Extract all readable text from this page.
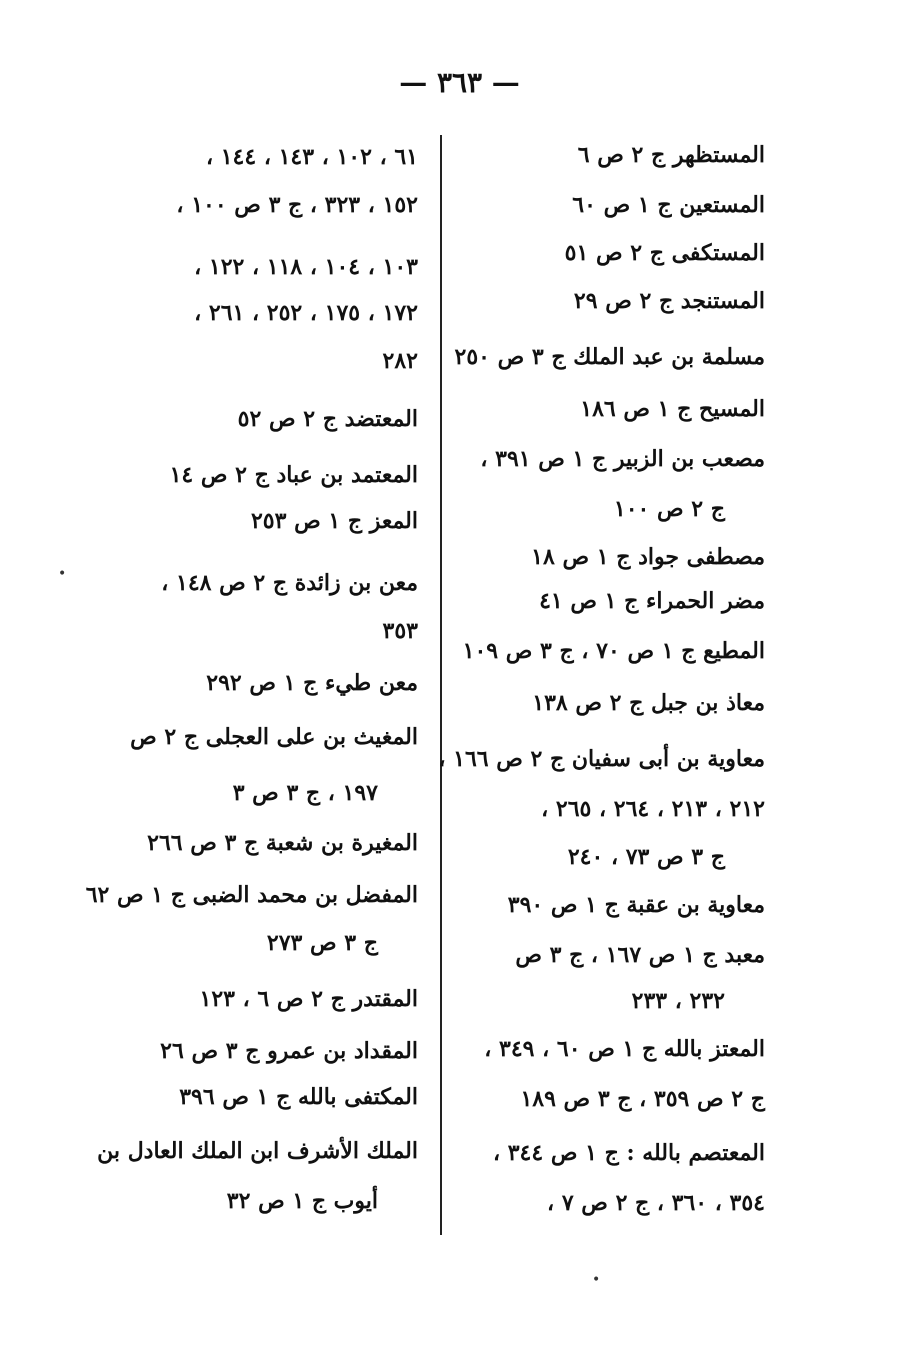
— ٣٦٣ —
المستظهر ج ٢ ص ٦
المستعين ج ١ ص ٦٠
المستكفى ج ٢ ص ٥١
المستنجد ج ٢ ص ٢٩
مسلمة بن عبد الملك ج ٣ ص ٢٥٠
المسيح ج ١ ص ١٨٦
مصعب بن الزبير ج ١ ص ٣٩١ ،
ج ٢ ص ١٠٠
مصطفى جواد ج ١ ص ١٨
مضر الحمراء ج ١ ص ٤١
المطيع ج ١ ص ٧٠ ، ج ٣ ص ١٠٩
معاذ بن جبل ج ٢ ص ١٣٨
معاوية بن أبى سفيان ج ٢ ص ١٦٦ ،
٢١٢ ، ٢١٣ ، ٢٦٤ ، ٢٦٥ ،
ج ٣ ص ٧٣ ، ٢٤٠
معاوية بن عقبة ج ١ ص ٣٩٠
معبد ج ١ ص ١٦٧ ، ج ٣ ص
٢٣٢ ، ٢٣٣
المعتز بالله ج ١ ص ٦٠ ، ٣٤٩ ،
ج ٢ ص ٣٥٩ ، ج ٣ ص ١٨٩
المعتصم بالله : ج ١ ص ٣٤٤ ،
٣٥٤ ، ٣٦٠ ، ج ٢ ص ٧ ،
٦١ ، ١٠٢ ، ١٤٣ ، ١٤٤ ،
١٥٢ ، ٣٢٣ ، ج ٣ ص ١٠٠ ،
١٠٣ ، ١٠٤ ، ١١٨ ، ١٢٢ ،
١٧٢ ، ١٧٥ ، ٢٥٢ ، ٢٦١ ،
٢٨٢
المعتضد ج ٢ ص ٥٢
المعتمد بن عباد ج ٢ ص ١٤
المعز ج ١ ص ٢٥٣
معن بن زائدة ج ٢ ص ١٤٨ ،
٣٥٣
معن طيء ج ١ ص ٢٩٢
المغيث بن على العجلى ج ٢ ص
١٩٧ ، ج ٣ ص ٣
المغيرة بن شعبة ج ٣ ص ٢٦٦
المفضل بن محمد الضبى ج ١ ص ٦٢
ج ٣ ص ٢٧٣
المقتدر ج ٢ ص ٦ ، ١٢٣
المقداد بن عمرو ج ٣ ص ٢٦
المكتفى بالله ج ١ ص ٣٩٦
الملك الأشرف ابن الملك العادل بن
أيوب ج ١ ص ٣٢
•
•
